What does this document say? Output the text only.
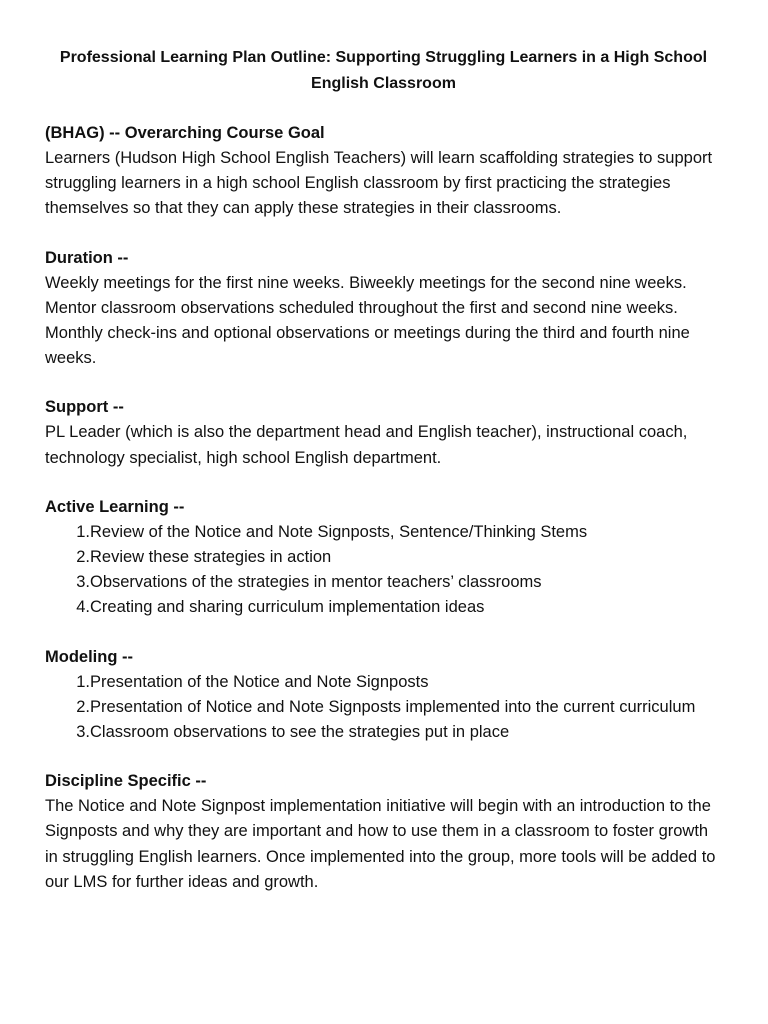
Professional Learning Plan Outline: Supporting Struggling Learners in a High School English Classroom

(BHAG) -- Overarching Course Goal

Learners (Hudson High School English Teachers) will learn scaffolding strategies to support struggling learners in a high school English classroom by first practicing the strategies themselves so that they can apply these strategies in their classrooms.

Duration --

Weekly meetings for the first nine weeks. Biweekly meetings for the second nine weeks. Mentor classroom observations scheduled throughout the first and second nine weeks. Monthly check-ins and optional observations or meetings during the third and fourth nine weeks.

Support --

PL Leader (which is also the department head and English teacher), instructional coach, technology specialist, high school English department.

Active Learning --

1. Review of the Notice and Note Signposts, Sentence/Thinking Stems
2. Review these strategies in action
3. Observations of the strategies in mentor teachers’ classrooms
4. Creating and sharing curriculum implementation ideas

Modeling --

1. Presentation of the Notice and Note Signposts
2. Presentation of Notice and Note Signposts implemented into the current curriculum
3. Classroom observations to see the strategies put in place

Discipline Specific --

The Notice and Note Signpost implementation initiative will begin with an introduction to the Signposts and why they are important and how to use them in a classroom to foster growth in struggling English learners. Once implemented into the group, more tools will be added to our LMS for further ideas and growth.
